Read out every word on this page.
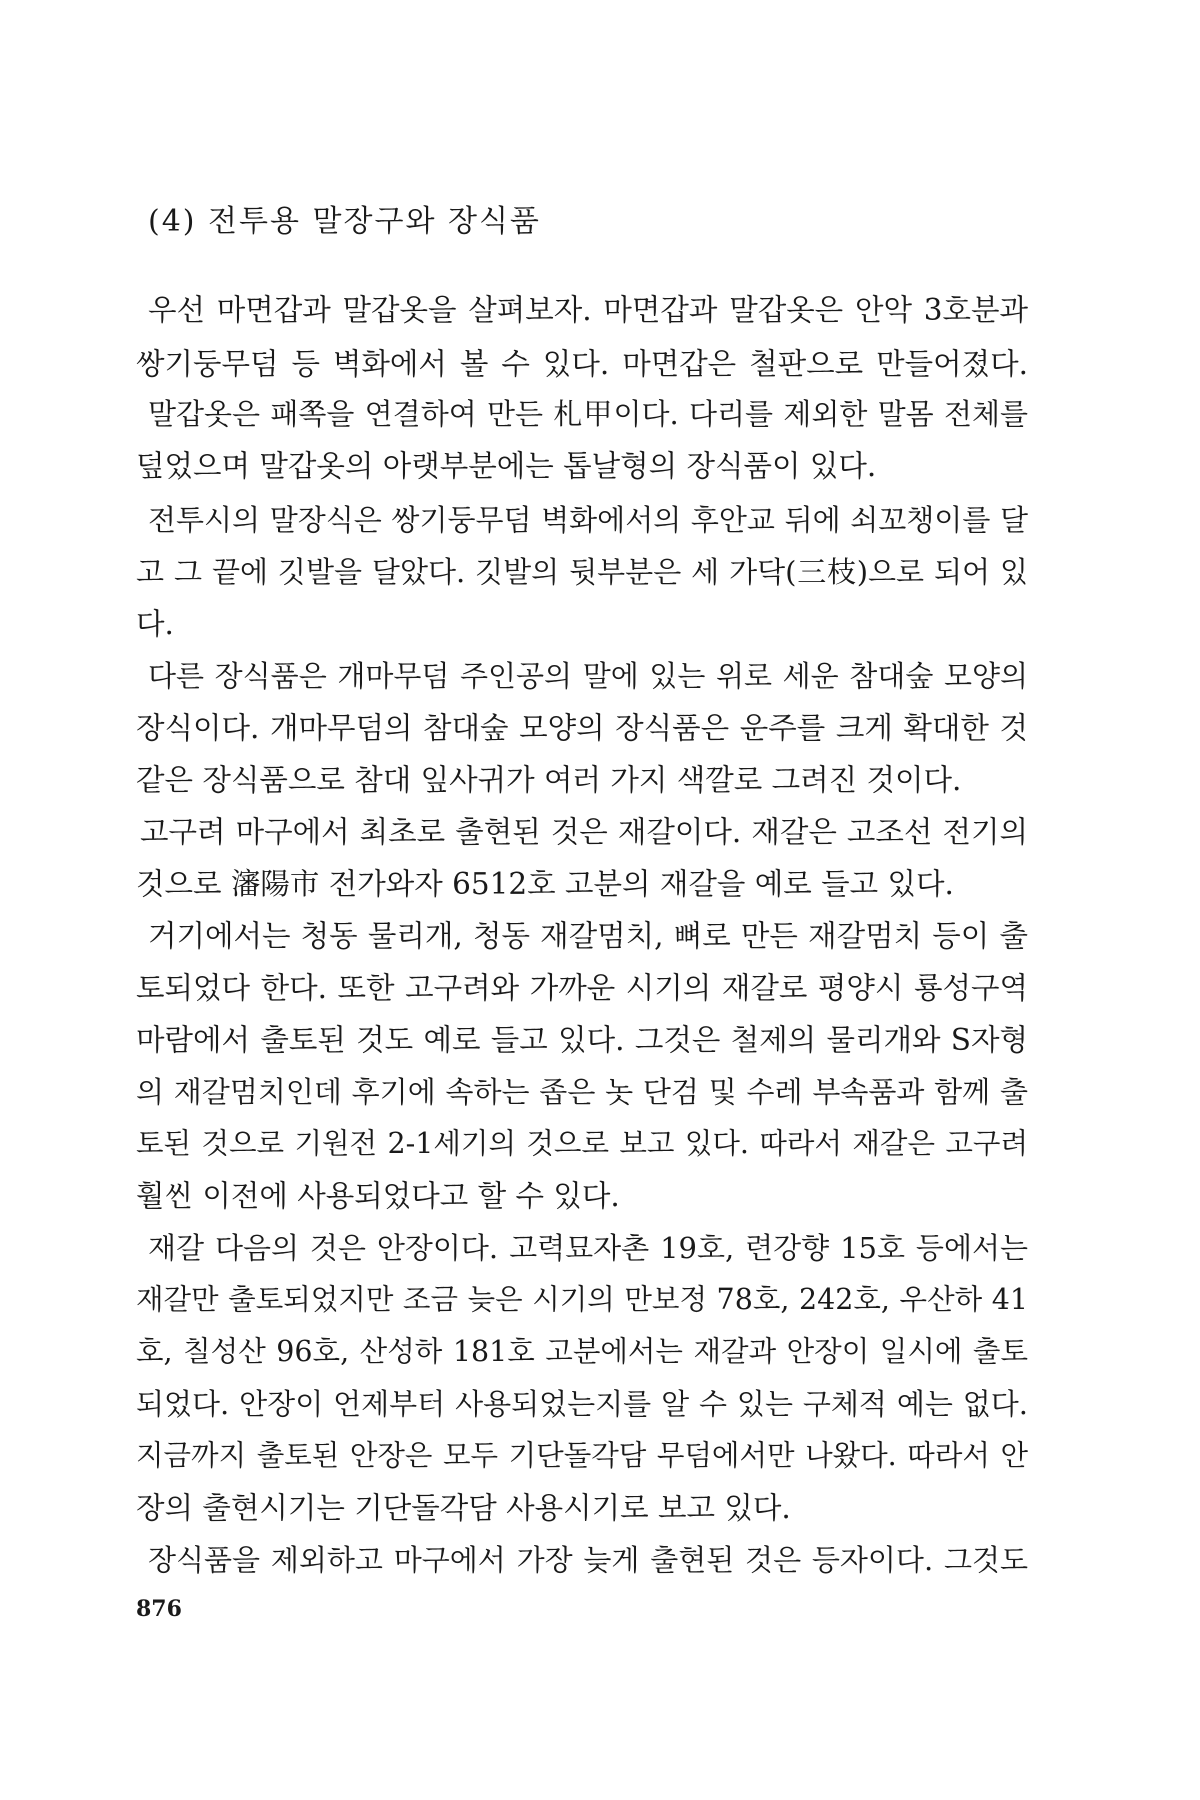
(4) 전투용 말장구와 장식품

우선 마면갑과 말갑옷을 살펴보자. 마면갑과 말갑옷은 안악 3호분과

쌍기둥무덤 등 벽화에서 볼 수 있다. 마면갑은 철판으로 만들어졌다.

말갑옷은 패쪽을 연결하여 만든 札甲이다. 다리를 제외한 말몸 전체를

덮었으며 말갑옷의 아랫부분에는 톱날형의 장식품이 있다.

전투시의 말장식은 쌍기둥무덤 벽화에서의 후안교 뒤에 쇠꼬챙이를 달

고 그 끝에 깃발을 달았다. 깃발의 뒷부분은 세 가닥(三枝)으로 되어 있

다.

다른 장식품은 개마무덤 주인공의 말에 있는 위로 세운 참대숲 모양의

장식이다. 개마무덤의 참대숲 모양의 장식품은 운주를 크게 확대한 것

같은 장식품으로 참대 잎사귀가 여러 가지 색깔로 그려진 것이다.

고구려 마구에서 최초로 출현된 것은 재갈이다. 재갈은 고조선 전기의

것으로 瀋陽市 전가와자 6512호 고분의 재갈을 예로 들고 있다.

거기에서는 청동 물리개, 청동 재갈멈치, 뼈로 만든 재갈멈치 등이 출

토되었다 한다. 또한 고구려와 가까운 시기의 재갈로 평양시 룡성구역

마람에서 출토된 것도 예로 들고 있다. 그것은 철제의 물리개와 S자형

의 재갈멈치인데 후기에 속하는 좁은 놋 단검 및 수레 부속품과 함께 출

토된 것으로 기원전 2-1세기의 것으로 보고 있다. 따라서 재갈은 고구려

훨씬 이전에 사용되었다고 할 수 있다.

재갈 다음의 것은 안장이다. 고력묘자촌 19호, 련강향 15호 등에서는

재갈만 출토되었지만 조금 늦은 시기의 만보정 78호, 242호, 우산하 41

호, 칠성산 96호, 산성하 181호 고분에서는 재갈과 안장이 일시에 출토

되었다. 안장이 언제부터 사용되었는지를 알 수 있는 구체적 예는 없다.

지금까지 출토된 안장은 모두 기단돌각담 무덤에서만 나왔다. 따라서 안

장의 출현시기는 기단돌각담 사용시기로 보고 있다.

장식품을 제외하고 마구에서 가장 늦게 출현된 것은 등자이다. 그것도

876
